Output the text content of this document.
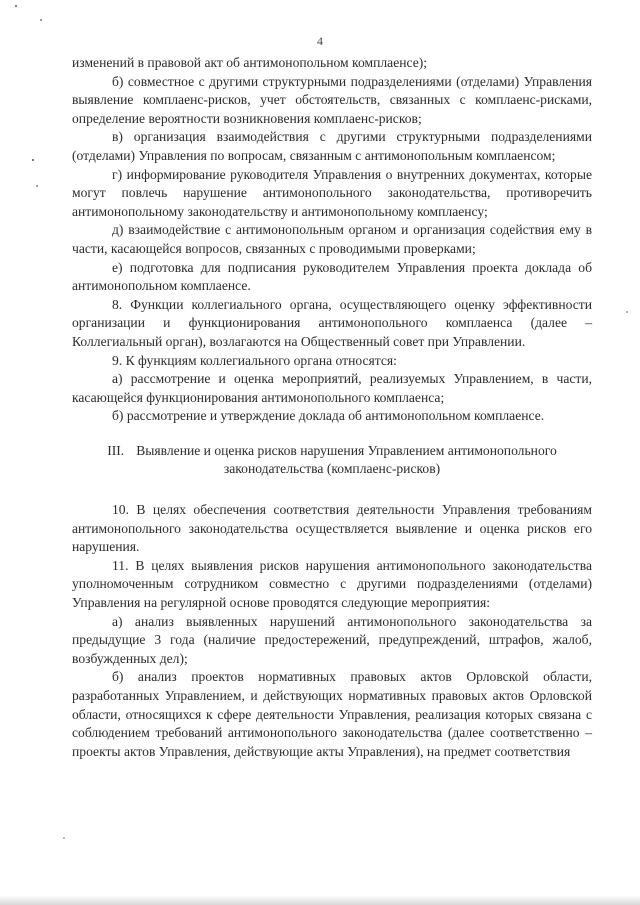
4

изменений в правовой акт об антимонопольном комплаенсе);

б) совместное с другими структурными подразделениями (отделами) Управления выявление комплаенс-рисков, учет обстоятельств, связанных с комплаенс-рисками, определение вероятности возникновения комплаенс-рисков;

в) организация взаимодействия с другими структурными подразделениями (отделами) Управления по вопросам, связанным с антимонопольным комплаенсом;

г) информирование руководителя Управления о внутренних документах, которые могут повлечь нарушение антимонопольного законодательства, противоречить антимонопольному законодательству и антимонопольному комплаенсу;

д) взаимодействие с антимонопольным органом и организация содействия ему в части, касающейся вопросов, связанных с проводимыми проверками;

е) подготовка для подписания руководителем Управления проекта доклада об антимонопольном комплаенсе.

8. Функции коллегиального органа, осуществляющего оценку эффективности организации и функционирования антимонопольного комплаенса (далее – Коллегиальный орган), возлагаются на Общественный совет при Управлении.

9. К функциям коллегиального органа относятся:

а) рассмотрение и оценка мероприятий, реализуемых Управлением, в части, касающейся функционирования антимонопольного комплаенса;

б) рассмотрение и утверждение доклада об антимонопольном комплаенсе.

III. Выявление и оценка рисков нарушения Управлением антимонопольного
законодательства (комплаенс-рисков)

10. В целях обеспечения соответствия деятельности Управления требованиям антимонопольного законодательства осуществляется выявление и оценка рисков его нарушения.

11. В целях выявления рисков нарушения антимонопольного законодательства уполномоченным сотрудником совместно с другими подразделениями (отделами) Управления на регулярной основе проводятся следующие мероприятия:

а) анализ выявленных нарушений антимонопольного законодательства за предыдущие 3 года (наличие предостережений, предупреждений, штрафов, жалоб, возбужденных дел);

б) анализ проектов нормативных правовых актов Орловской области, разработанных Управлением, и действующих нормативных правовых актов Орловской области, относящихся к сфере деятельности Управления, реализация которых связана с соблюдением требований антимонопольного законодательства (далее соответственно – проекты актов Управления, действующие акты Управления), на предмет соответствия
